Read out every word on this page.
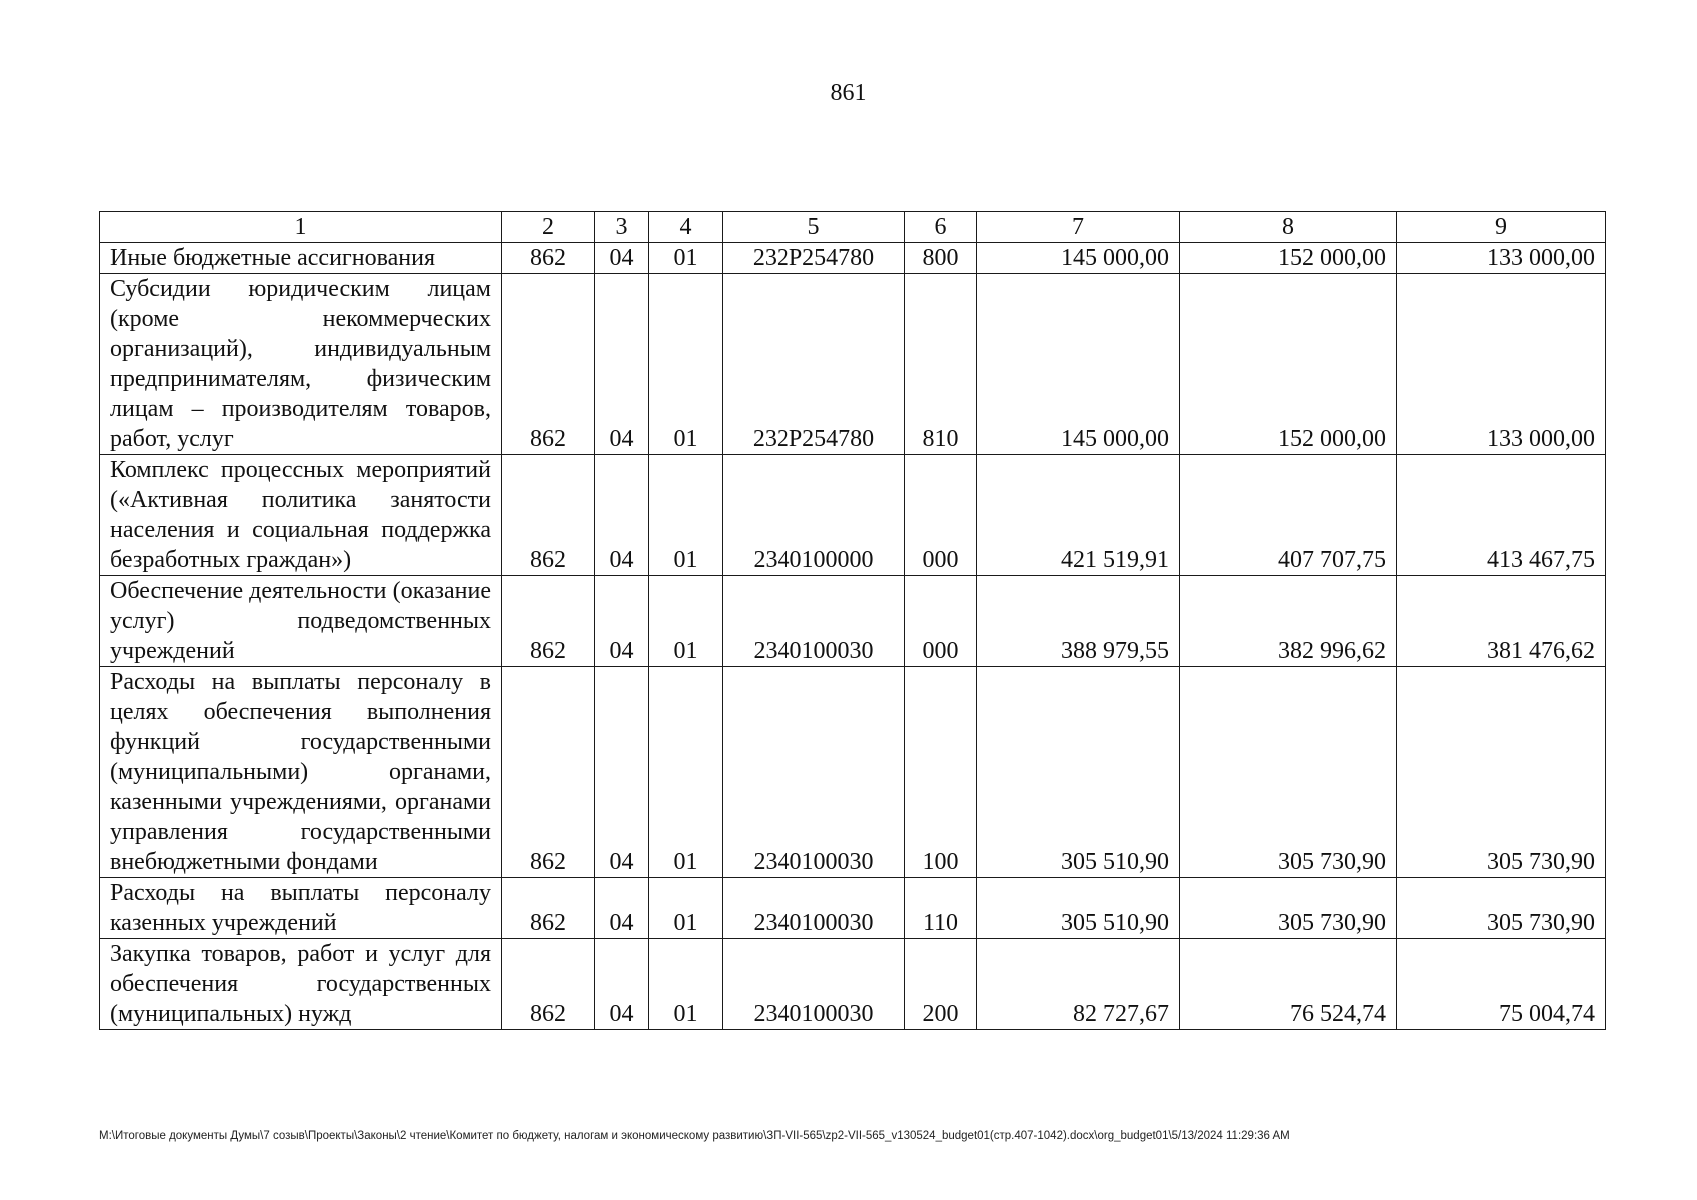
861
1	2	3	4	5	6	7	8	9
Иные бюджетные ассигнования	862	04	01	232P254780	800	145 000,00	152 000,00	133 000,00
Субсидии юридическим лицам (кроме некоммерческих организаций), индивидуальным предпринимателям, физическим лицам – производителям товаров, работ, услуг	862	04	01	232P254780	810	145 000,00	152 000,00	133 000,00
Комплекс процессных мероприятий («Активная политика занятости населения и социальная поддержка безработных граждан»)	862	04	01	2340100000	000	421 519,91	407 707,75	413 467,75
Обеспечение деятельности (оказание услуг) подведомственных учреждений	862	04	01	2340100030	000	388 979,55	382 996,62	381 476,62
Расходы на выплаты персоналу в целях обеспечения выполнения функций государственными (муниципальными) органами, казенными учреждениями, органами управления государственными внебюджетными фондами	862	04	01	2340100030	100	305 510,90	305 730,90	305 730,90
Расходы на выплаты персоналу казенных учреждений	862	04	01	2340100030	110	305 510,90	305 730,90	305 730,90
Закупка товаров, работ и услуг для обеспечения государственных (муниципальных) нужд	862	04	01	2340100030	200	82 727,67	76 524,74	75 004,74
M:\Итоговые документы Думы\7 созыв\Проекты\Законы\2 чтение\Комитет по бюджету, налогам и экономическому развитию\ЗП-VII-565\zp2-VII-565_v130524_budget01(стр.407-1042).docx\org_budget01\5/13/2024 11:29:36 AM
